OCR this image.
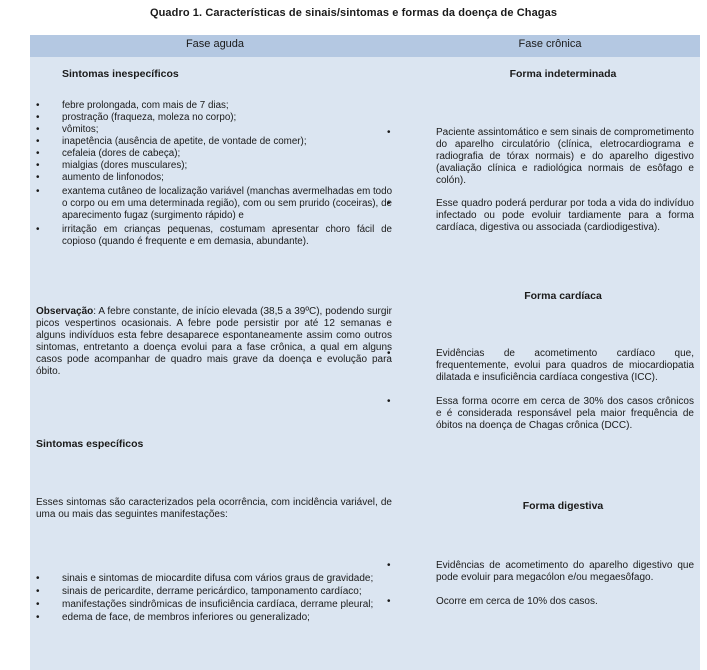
Quadro 1. Características de sinais/sintomas e formas da doença de Chagas
Fase aguda	Fase crônica
Sintomas inespecíficos
• febre prolongada, com mais de 7 dias;
• prostração (fraqueza, moleza no corpo);
• vômitos;
• inapetência (ausência de apetite, de vontade de comer);
• cefaleia (dores de cabeça);
• mialgias (dores musculares);
• aumento de linfonodos;
• exantema cutâneo de localização variável (manchas avermelhadas em todo o corpo ou em uma determinada região), com ou sem prurido (coceiras), de aparecimento fugaz (surgimento rápido) e
• irritação em crianças pequenas, costumam apresentar choro fácil de copioso (quando é frequente e em demasia, abundante).
Observação: A febre constante, de início elevada (38,5 a 39ºC), podendo surgir picos vespertinos ocasionais. A febre pode persistir por até 12 semanas e alguns indivíduos esta febre desaparece espontaneamente assim como outros sintomas, entretanto a doença evolui para a fase crônica, a qual em alguns casos pode acompanhar de quadro mais grave da doença e evolução para óbito.
Sintomas específicos
Esses sintomas são caracterizados pela ocorrência, com incidência variável, de uma ou mais das seguintes manifestações:
• sinais e sintomas de miocardite difusa com vários graus de gravidade;
• sinais de pericardite, derrame pericárdico, tamponamento cardíaco;
• manifestações sindrômicas de insuficiência cardíaca, derrame pleural;
• edema de face, de membros inferiores ou generalizado;
Forma indeterminada
• Paciente assintomático e sem sinais de comprometimento do aparelho circulatório (clínica, eletrocardiograma e radiografia de tórax normais) e do aparelho digestivo (avaliação clínica e radiológica normais de esôfago e colón).
• Esse quadro poderá perdurar por toda a vida do indivíduo infectado ou pode evoluir tardiamente para a forma cardíaca, digestiva ou associada (cardiodigestiva).
Forma cardíaca
• Evidências de acometimento cardíaco que, frequentemente, evolui para quadros de miocardiopatia dilatada e insuficiência cardíaca congestiva (ICC).
• Essa forma ocorre em cerca de 30% dos casos crônicos e é considerada responsável pela maior frequência de óbitos na doença de Chagas crônica (DCC).
Forma digestiva
• Evidências de acometimento do aparelho digestivo que pode evoluir para megacólon e/ou megaesôfago.
• Ocorre em cerca de 10% dos casos.
